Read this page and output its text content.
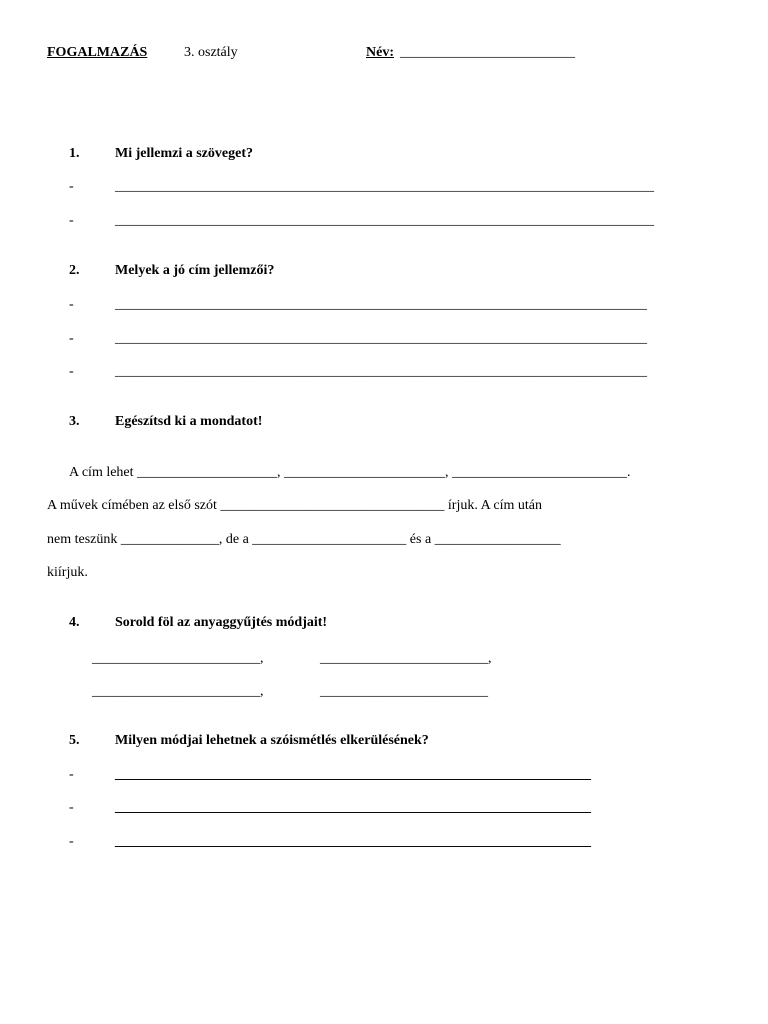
FOGALMAZÁS	3. osztály	Név: _________________________
1.	Mi jellemzi a szöveget?
-	_____________________________________________________________________________
-	_____________________________________________________________________________
2.	Melyek a jó cím jellemzői?
-	____________________________________________________________________________
-	____________________________________________________________________________
-	____________________________________________________________________________
3.	Egészítsd ki a mondatot!
A cím lehet ____________________, _______________________, _________________________.
A művek címében az első szót ________________________________ írjuk. A cím után
nem teszünk ______________, de a ______________________ és a __________________
kiírjuk.
4.	Sorold föl az anyaggyűjtés módjait!
________________________,	________________________,
________________________,	________________________
5.	Milyen módjai lehetnek a szóismétlés elkerülésének?
-	____________________________________________________________________
-	____________________________________________________________________
-	____________________________________________________________________
